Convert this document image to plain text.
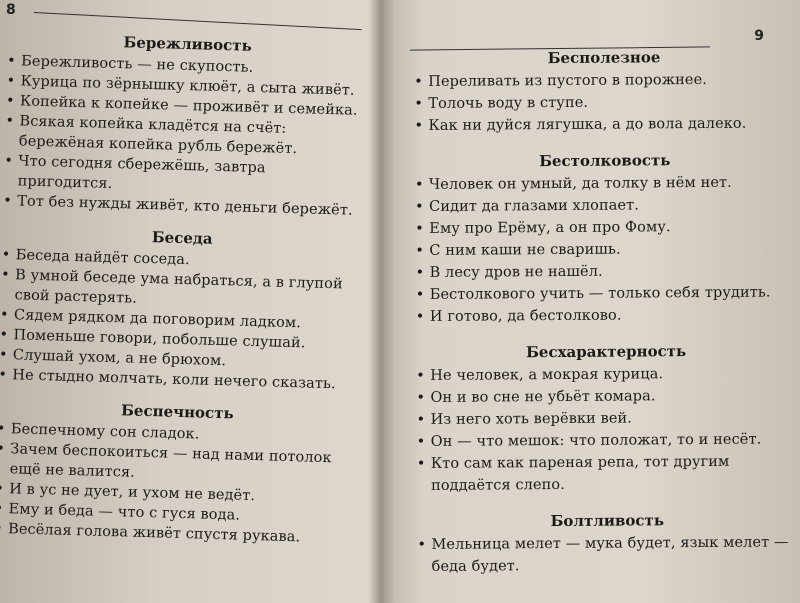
8
Бережливость
• Бережливость — не скупость.
• Курица по зёрнышку клюёт, а сыта живёт.
• Копейка к копейке — проживёт и семейка.
• Всякая копейка кладётся на счёт: бережёная копейка рубль бережёт.
• Что сегодня сбережёшь, завтра пригодится.
• Тот без нужды живёт, кто деньги бережёт.
Беседа
• Беседа найдёт соседа.
• В умной беседе ума набраться, а в глупой свой растерять.
• Сядем рядком да поговорим ладком.
• Поменьше говори, побольше слушай.
• Слушай ухом, а не брюхом.
• Не стыдно молчать, коли нечего сказать.
Беспечность
• Беспечному сон сладок.
• Зачем беспокоиться — над нами потолок ещё не валится.
• И в ус не дует, и ухом не ведёт.
• Ему и беда — что с гуся вода.
• Весёлая голова живёт спустя рукава.
9
Бесполезное
• Переливать из пустого в порожнее.
• Толочь воду в ступе.
• Как ни дуйся лягушка, а до вола далеко.
Бестолковость
• Человек он умный, да толку в нём нет.
• Сидит да глазами хлопает.
• Ему про Ерёму, а он про Фому.
• С ним каши не сваришь.
• В лесу дров не нашёл.
• Бестолкового учить — только себя трудить.
• И готово, да бестолково.
Бесхарактерность
• Не человек, а мокрая курица.
• Он и во сне не убьёт комара.
• Из него хоть верёвки вей.
• Он — что мешок: что положат, то и несёт.
• Кто сам как пареная репа, тот другим поддаётся слепо.
Болтливость
• Мельница мелет — мука будет, язык мелет — беда будет.
